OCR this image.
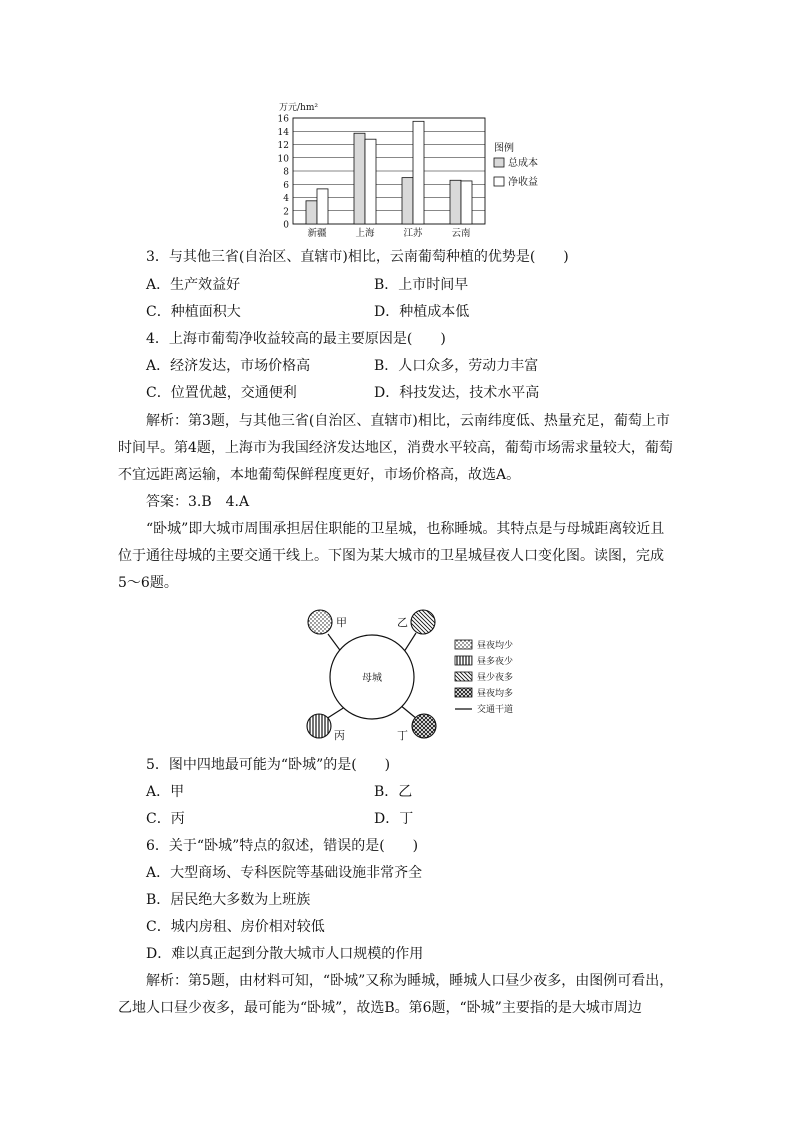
0
2
4
6
8
10
12
14
16
新疆	上海	江苏	云南
万元/hm²
图例
总成本
净收益
3．与其他三省(自治区、直辖市)相比，云南葡萄种植的优势是(　　)
A．生产效益好	B．上市时间早
C．种植面积大	D．种植成本低
4．上海市葡萄净收益较高的最主要原因是(　　)
A．经济发达，市场价格高	B．人口众多，劳动力丰富
C．位置优越，交通便利	D．科技发达，技术水平高
解析：第3题，与其他三省(自治区、直辖市)相比，云南纬度低、热量充足，葡萄上市
时间早。第4题，上海市为我国经济发达地区，消费水平较高，葡萄市场需求量较大，葡萄
不宜远距离运输，本地葡萄保鲜程度更好，市场价格高，故选A。
答案：3.B　4.A
“卧城”即大城市周围承担居住职能的卫星城，也称睡城。其特点是与母城距离较近且
位于通往母城的主要交通干线上。下图为某大城市的卫星城昼夜人口变化图。读图，完成
5～6题。
母城
甲	乙
丙	丁
昼夜均少
昼多夜少
昼少夜多
昼夜均多
交通干道
5．图中四地最可能为“卧城”的是(　　)
A．甲	B．乙
C．丙	D．丁
6．关于“卧城”特点的叙述，错误的是(　　)
A．大型商场、专科医院等基础设施非常齐全
B．居民绝大多数为上班族
C．城内房租、房价相对较低
D．难以真正起到分散大城市人口规模的作用
解析：第5题，由材料可知，“卧城”又称为睡城，睡城人口昼少夜多，由图例可看出，
乙地人口昼少夜多，最可能为“卧城”，故选B。第6题，“卧城”主要指的是大城市周边
